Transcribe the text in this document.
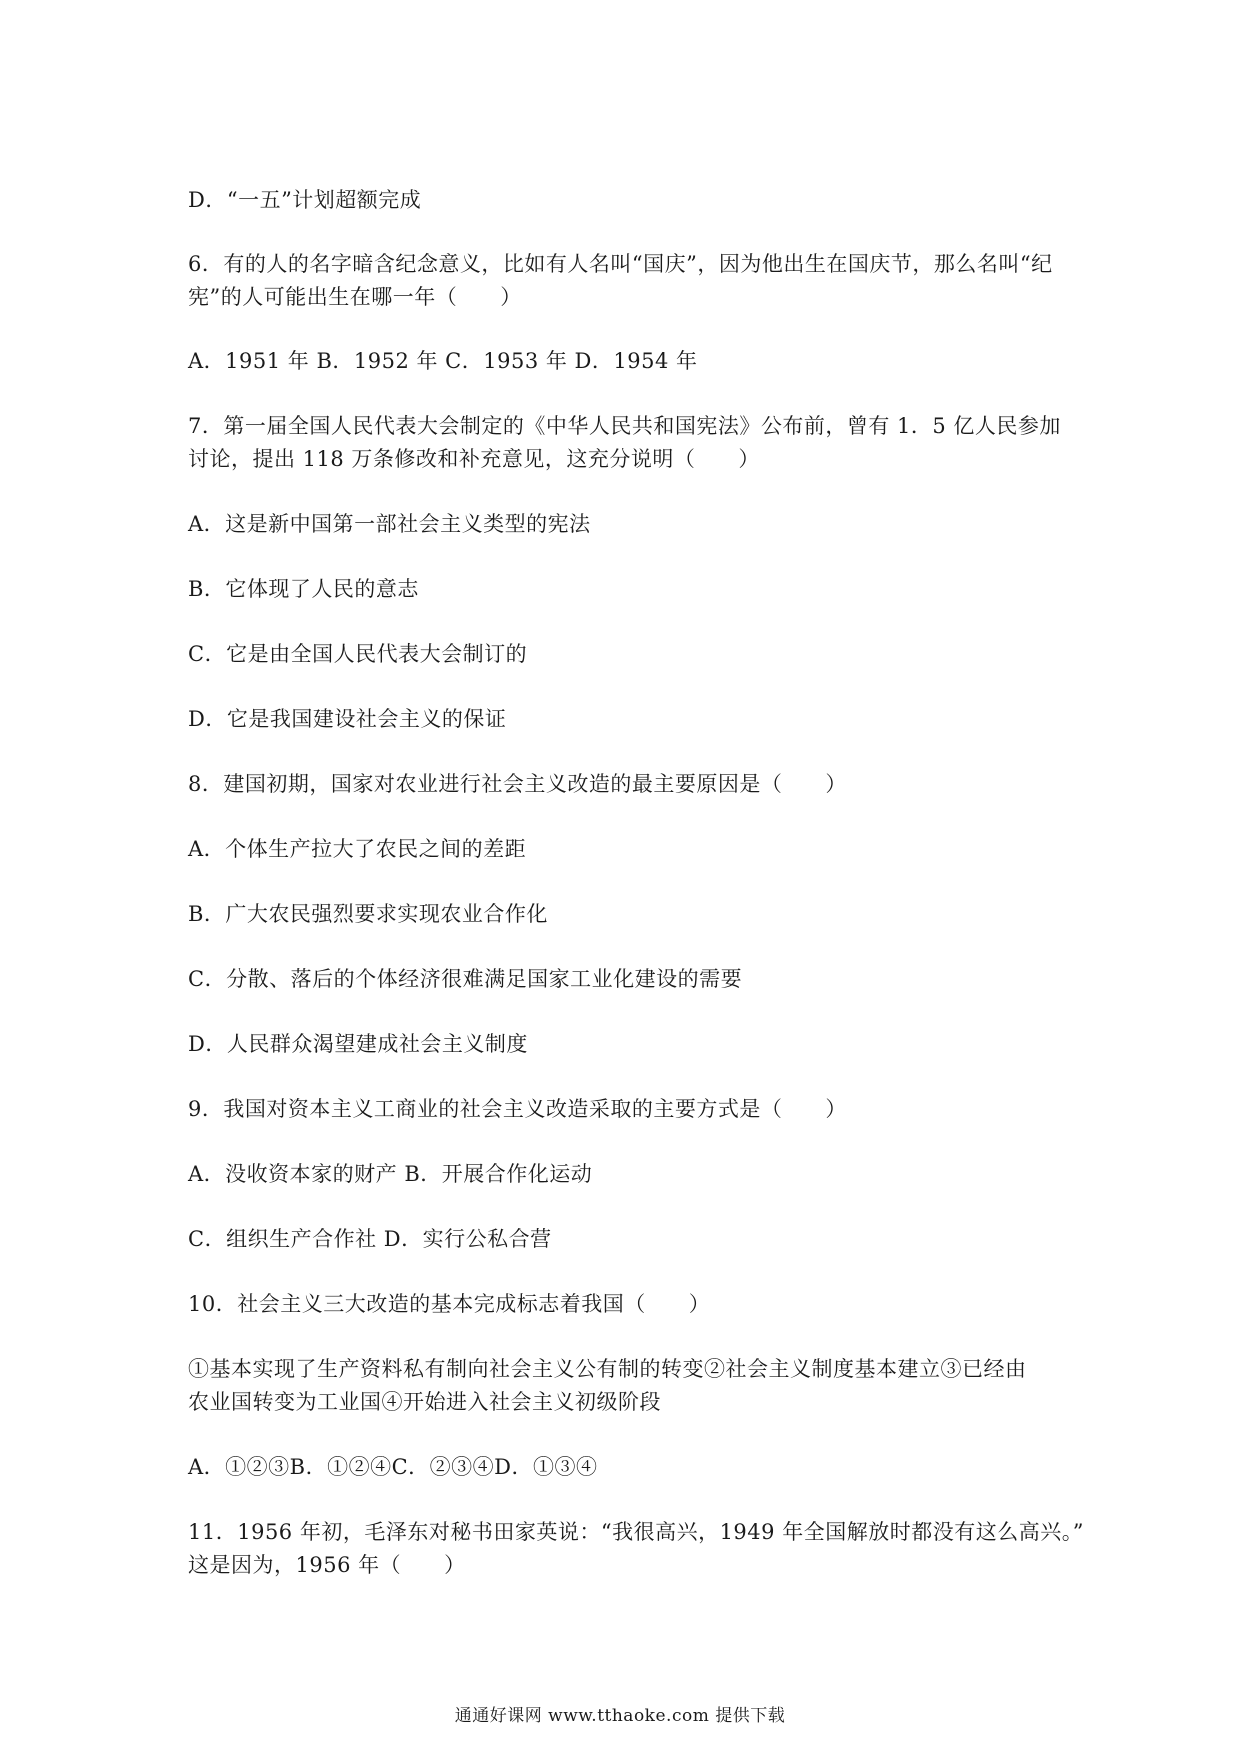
D．“一五”计划超额完成
6．有的人的名字暗含纪念意义，比如有人名叫“国庆”，因为他出生在国庆节，那么名叫“纪
宪”的人可能出生在哪一年（　　）
A．1951 年 B．1952 年 C．1953 年 D．1954 年
7．第一届全国人民代表大会制定的《中华人民共和国宪法》公布前，曾有 1．5 亿人民参加
讨论，提出 118 万条修改和补充意见，这充分说明（　　）
A．这是新中国第一部社会主义类型的宪法
B．它体现了人民的意志
C．它是由全国人民代表大会制订的
D．它是我国建设社会主义的保证
8．建国初期，国家对农业进行社会主义改造的最主要原因是（　　）
A．个体生产拉大了农民之间的差距
B．广大农民强烈要求实现农业合作化
C．分散、落后的个体经济很难满足国家工业化建设的需要
D．人民群众渴望建成社会主义制度
9．我国对资本主义工商业的社会主义改造采取的主要方式是（　　）
A．没收资本家的财产 B．开展合作化运动
C．组织生产合作社 D．实行公私合营
10．社会主义三大改造的基本完成标志着我国（　　）
①基本实现了生产资料私有制向社会主义公有制的转变②社会主义制度基本建立③已经由
农业国转变为工业国④开始进入社会主义初级阶段
A．①②③B．①②④C．②③④D．①③④
11．1956 年初，毛泽东对秘书田家英说：“我很高兴，1949 年全国解放时都没有这么高兴。”
这是因为，1956 年（　　）
通通好课网 www.tthaoke.com 提供下载
